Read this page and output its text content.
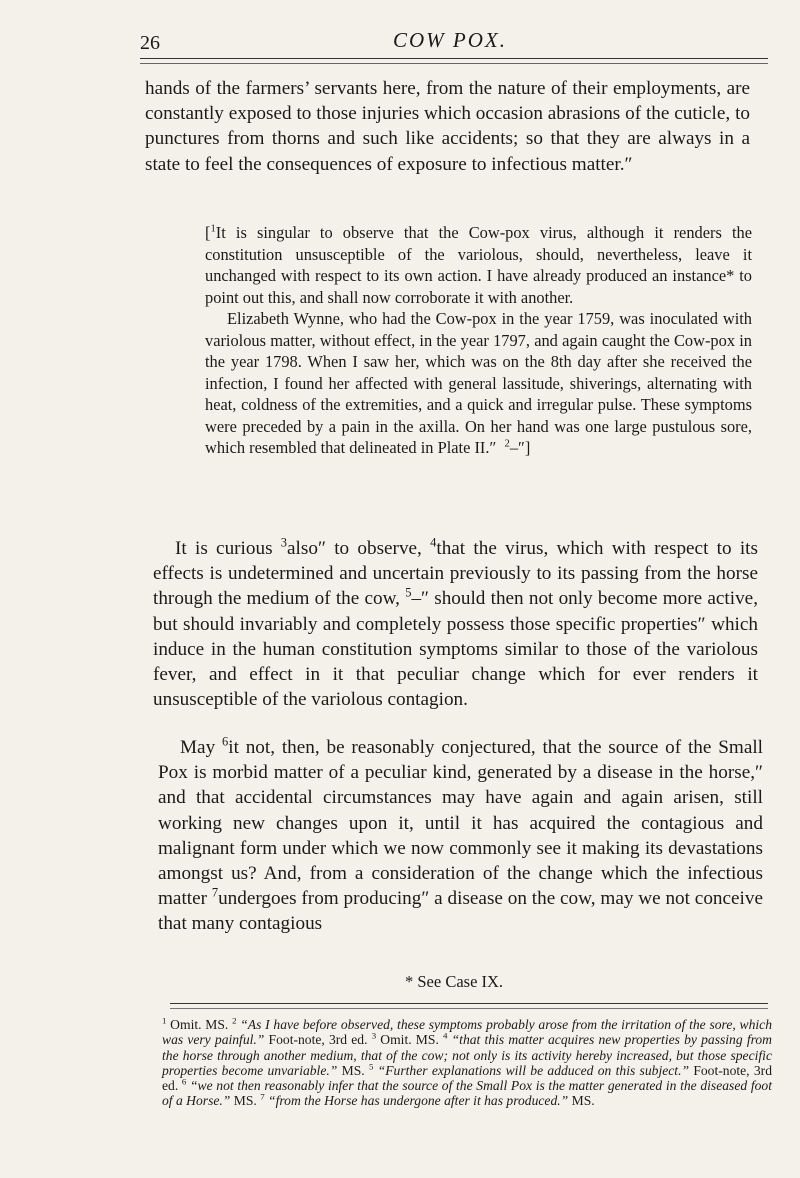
26	COW POX.
hands of the farmers’ servants here, from the nature of their employments, are constantly exposed to those injuries which occasion abrasions of the cuticle, to punctures from thorns and such like accidents; so that they are always in a state to feel the consequences of exposure to infectious matter.″

[$^1$It is singular to observe that the Cow-pox virus, although it renders the constitution unsusceptible of the variolous, should, nevertheless, leave it unchanged with respect to its own action. I have already produced an instance* to point out this, and shall now corroborate it with another.

Elizabeth Wynne, who had the Cow-pox in the year 1759, was inoculated with variolous matter, without effect, in the year 1797, and again caught the Cow-pox in the year 1798. When I saw her, which was on the 8th day after she received the infection, I found her affected with general lassitude, shiverings, alternating with heat, coldness of the extremities, and a quick and irregular pulse. These symptoms were preceded by a pain in the axilla. On her hand was one large pustulous sore, which resembled that delineated in Plate II.″ $^2$–″]

It is curious $^3$also″ to observe, $^4$that the virus, which with respect to its effects is undetermined and uncertain previously to its passing from the horse through the medium of the cow, $^5$–″ should then not only become more active, but should invariably and completely possess those specific properties″ which induce in the human constitution symptoms similar to those of the variolous fever, and effect in it that peculiar change which for ever renders it unsusceptible of the variolous contagion.
May $^6$it not, then, be reasonably conjectured, that the source of the Small Pox is morbid matter of a peculiar kind, generated by a disease in the horse,″ and that accidental circumstances may have again and again arisen, still working new changes upon it, until it has acquired the contagious and malignant form under which we now commonly see it making its devastations amongst us? And, from a consideration of the change which the infectious matter $^7$undergoes from producing″ a disease on the cow, may we not conceive that many contagious
* See Case IX.
$^1$ Omit. MS. $^2$ “As I have before observed, these symptoms probably arose from the irritation of the sore, which was very painful.” Foot-note, 3rd ed. $^3$ Omit. MS. $^4$ “that this matter acquires new properties by passing from the horse through another medium, that of the cow; not only is its activity hereby increased, but those specific properties become unvariable.” MS. $^5$ “Further explanations will be adduced on this subject.” Foot-note, 3rd ed. $^6$ “we not then reasonably infer that the source of the Small Pox is the matter generated in the diseased foot of a Horse.” MS. $^7$ “from the Horse has undergone after it has produced.” MS.
